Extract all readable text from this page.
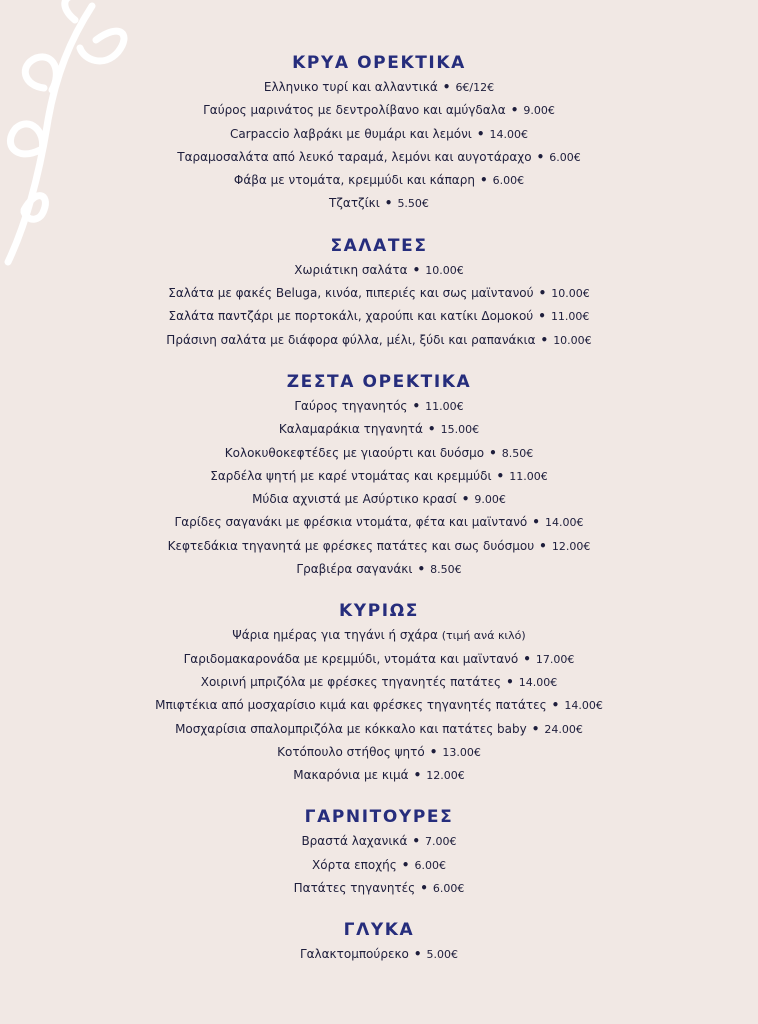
ΚΡΥΑ ΟΡΕΚΤΙΚΑ
Ελληνικο τυρί και αλλαντικά • 6€/12€
Γαύρος μαρινάτος με δεντρολίβανο και αμύγδαλα • 9.00€
Carpaccio λαβράκι με θυμάρι και λεμόνι • 14.00€
Ταραμοσαλάτα από λευκό ταραμά, λεμόνι και αυγοτάραχο • 6.00€
Φάβα με ντομάτα, κρεμμύδι και κάπαρη • 6.00€
Τζατζίκι • 5.50€
ΣΑΛΑΤΕΣ
Χωριάτικη σαλάτα • 10.00€
Σαλάτα με φακές Beluga, κινόα, πιπεριές και σως μαϊντανού • 10.00€
Σαλάτα παντζάρι με πορτοκάλι, χαρούπι και κατίκι Δομοκού • 11.00€
Πράσινη σαλάτα με διάφορα φύλλα, μέλι, ξύδι και ραπανάκια • 10.00€
ΖΕΣΤΑ ΟΡΕΚΤΙΚΑ
Γαύρος τηγανητός • 11.00€
Καλαμαράκια τηγανητά • 15.00€
Κολοκυθοκεφτέδες με γιαούρτι και δυόσμο • 8.50€
Σαρδέλα ψητή με καρέ ντομάτας και κρεμμύδι • 11.00€
Μύδια αχνιστά με Ασύρτικο κρασί • 9.00€
Γαρίδες σαγανάκι με φρέσκια ντομάτα, φέτα και μαϊντανό • 14.00€
Κεφτεδάκια τηγανητά με φρέσκες πατάτες και σως δυόσμου • 12.00€
Γραβιέρα σαγανάκι • 8.50€
ΚΥΡΙΩΣ
Ψάρια ημέρας για τηγάνι ή σχάρα (τιμή ανά κιλό)
Γαριδομακαρονάδα με κρεμμύδι, ντομάτα και μαϊντανό • 17.00€
Χοιρινή μπριζόλα με φρέσκες τηγανητές πατάτες • 14.00€
Μπιφτέκια από μοσχαρίσιο κιμά και φρέσκες τηγανητές πατάτες • 14.00€
Μοσχαρίσια σπαλομπριζόλα με κόκκαλο και πατάτες baby • 24.00€
Κοτόπουλο στήθος ψητό • 13.00€
Μακαρόνια με κιμά • 12.00€
ΓΑΡΝΙΤΟΥΡΕΣ
Βραστά λαχανικά • 7.00€
Χόρτα εποχής • 6.00€
Πατάτες τηγανητές • 6.00€
ΓΛΥΚΑ
Γαλακτομπούρεκο • 5.00€
